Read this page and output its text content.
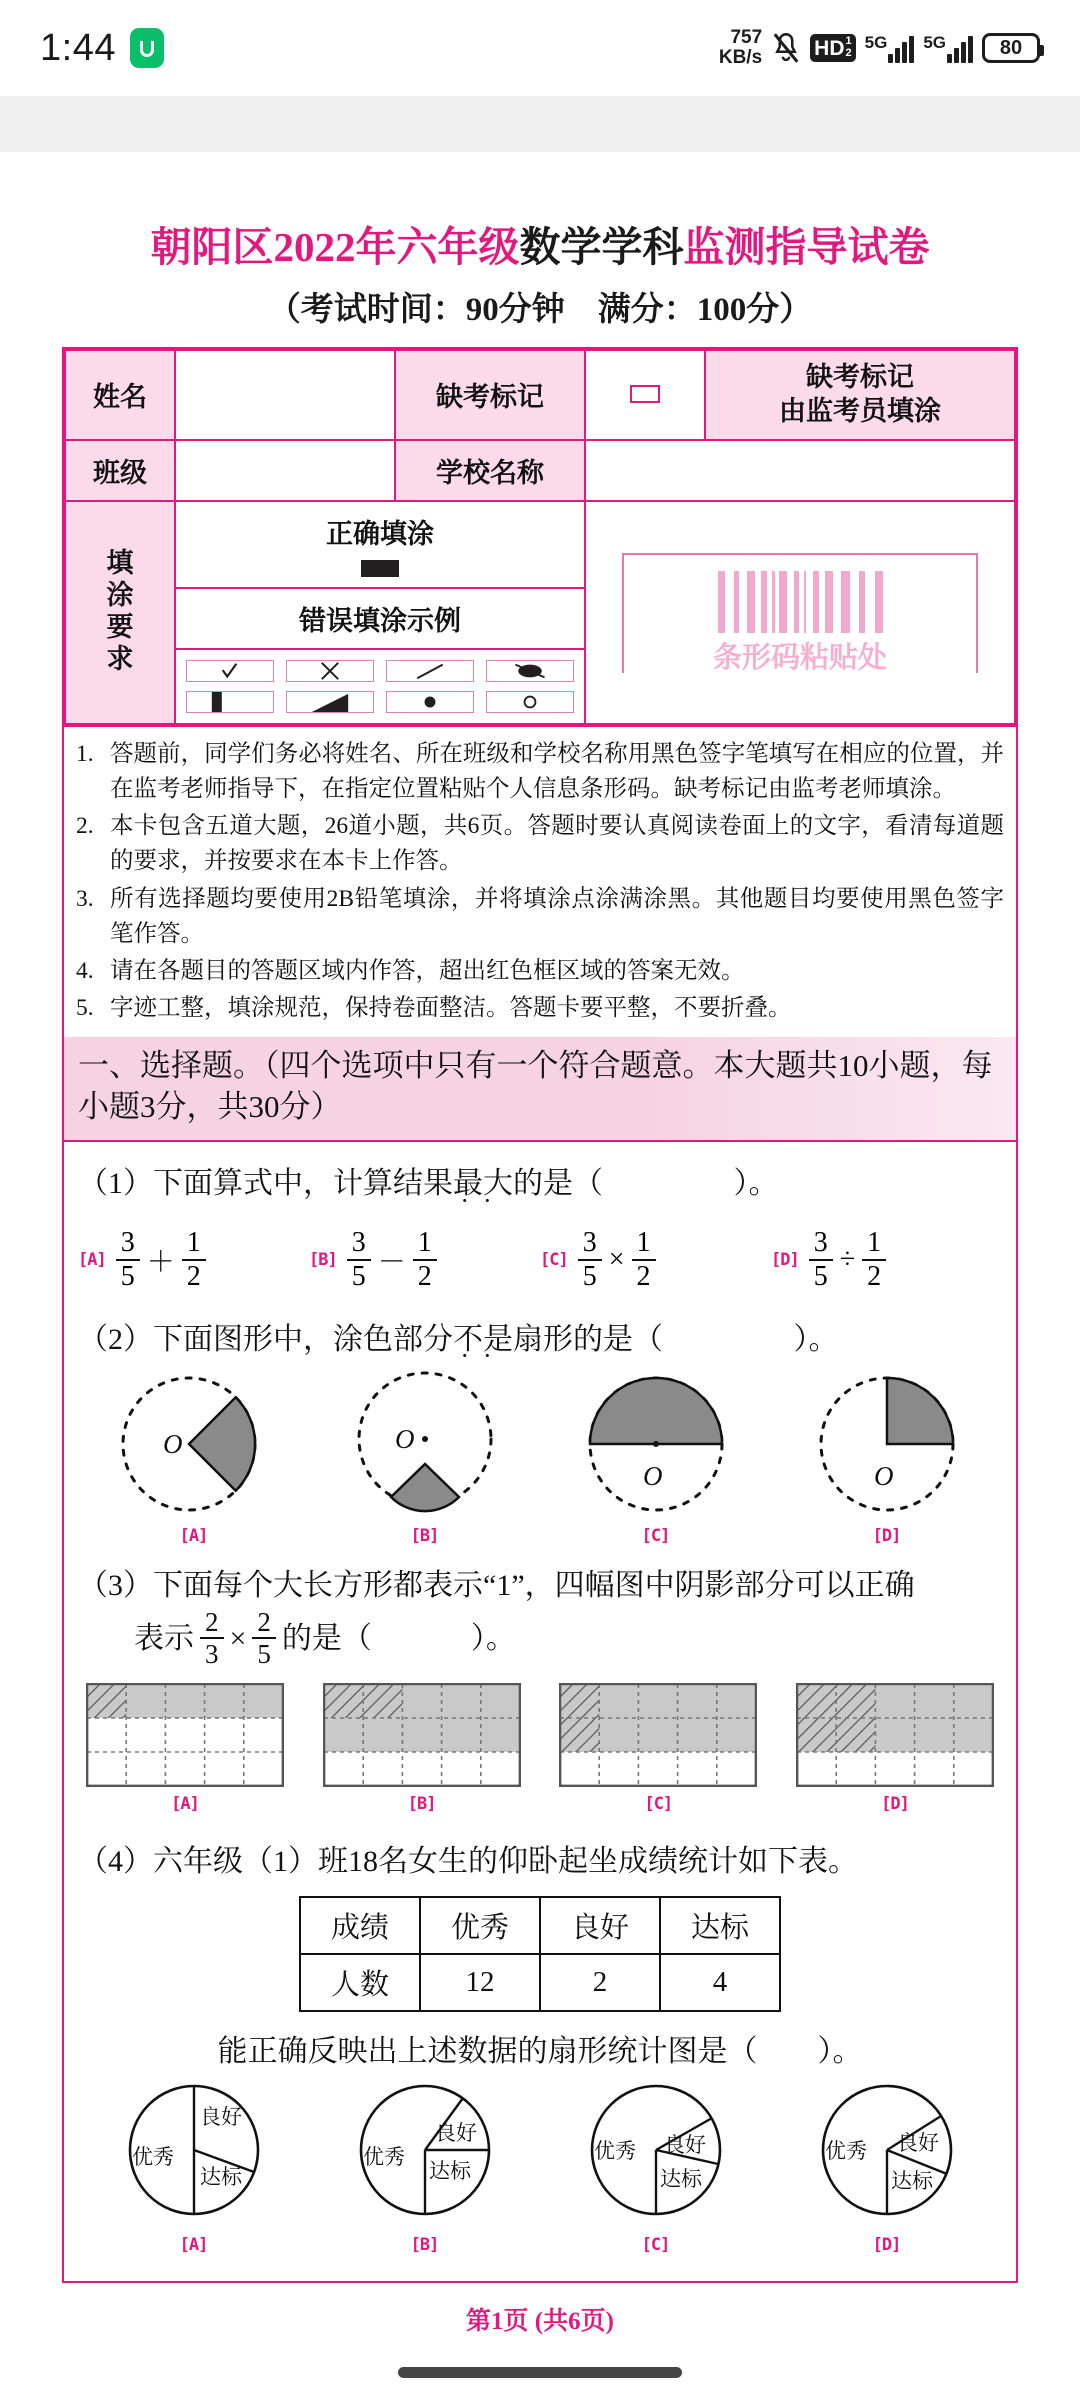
1:44	757
KB/s HD 1
2
5G 5G	80
朝阳区2022年六年级数学学科监测指导试卷
（考试时间：90分钟　满分：100分）
姓名		缺考标记		缺考标记
由监考员填涂

班级		学校名称		

填
涂
要
求	正确填涂		条形码粘贴处	

	错误填涂示例			

1. 答题前，同学们务必将姓名、所在班级和学校名称用黑色签字笔填写在相应的位置，并在监考老师指导下，在指定位置粘贴个人信息条形码。缺考标记由监考老师填涂。
2. 本卡包含五道大题，26道小题，共6页。答题时要认真阅读卷面上的文字，看清每道题的要求，并按要求在本卡上作答。
3. 所有选择题均要使用2B铅笔填涂，并将填涂点涂满涂黑。其他题目均要使用黑色签字笔作答。
4. 请在各题目的答题区域内作答，超出红色框区域的答案无效。
5. 字迹工整，填涂规范，保持卷面整洁。答题卡要平整，不要折叠。
一、选择题。（四个选项中只有一个符合题意。本大题共10小题，每小题3分，共30分）
（1）下面算式中，计算结果最大 ··的是（	）。
$[A] \frac{3}{5} + \frac{1}{2}$	$[B] \frac{3}{5} - \frac{1}{2}$	$[C] \frac{3}{5} \times \frac{1}{2}$	$[D] \frac{3}{5} \div \frac{1}{2}$
（2）下面图形中，涂色部分不是 ··扇形的是（	）。
O
[A]
O
[B]
O
[C]
O
[D]
（3）下面每个大长方形都表示“1”，四幅图中阴影部分可以正确
表示 $\frac{2}{3} \times \frac{2}{5}$ 的是（
	）。
[A]	[B]	[C]	[D]
（4）六年级（1）班18名女生的仰卧起坐成绩统计如下表。
成绩	优秀	良好	达标
人数	12	2	4
能正确反映出上述数据的扇形统计图是（　　）。
优秀
良好
达标
[A]
优秀
良好
达标
[B]
优秀 良好
达标
[C]
优秀 良好
达标
[D]
第1页 (共6页)
